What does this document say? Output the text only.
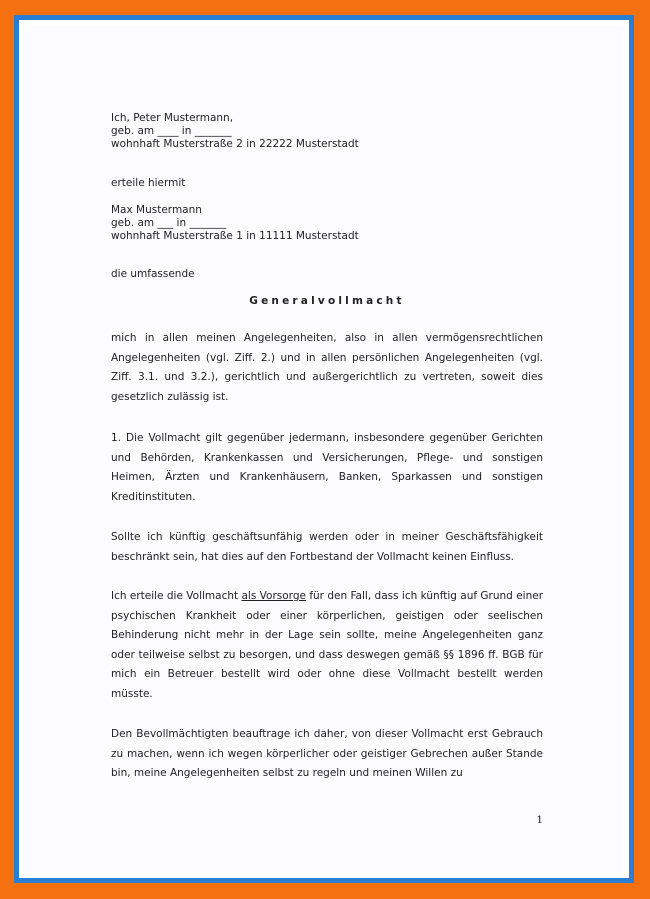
Ich, Peter Mustermann,
geb. am ____ in _______
wohnhaft Musterstraße 2 in 22222 Musterstadt
erteile hiermit
Max Mustermann
geb. am ___ in _______
wohnhaft Musterstraße 1 in 11111 Musterstadt
die umfassende
Generalvollmacht

mich in allen meinen Angelegenheiten, also in allen vermögensrechtlichen Angelegenheiten (vgl. Ziff. 2.) und in allen persönlichen Angelegenheiten (vgl. Ziff. 3.1. und 3.2.), gerichtlich und außergerichtlich zu vertreten, soweit dies gesetzlich zulässig ist.

1. Die Vollmacht gilt gegenüber jedermann, insbesondere gegenüber Gerichten und Behörden, Krankenkassen und Versicherungen, Pflege- und sonstigen Heimen, Ärzten und Krankenhäusern, Banken, Sparkassen und sonstigen Kreditinstituten.

Sollte ich künftig geschäftsunfähig werden oder in meiner Geschäftsfähigkeit beschränkt sein, hat dies auf den Fortbestand der Vollmacht keinen Einfluss.

Ich erteile die Vollmacht als Vorsorge für den Fall, dass ich künftig auf Grund einer psychischen Krankheit oder einer körperlichen, geistigen oder seelischen Behinderung nicht mehr in der Lage sein sollte, meine Angelegenheiten ganz oder teilweise selbst zu besorgen, und dass deswegen gemäß §§ 1896 ff. BGB für mich ein Betreuer bestellt wird oder ohne diese Vollmacht bestellt werden müsste.

Den Bevollmächtigten beauftrage ich daher, von dieser Vollmacht erst Gebrauch zu machen, wenn ich wegen körperlicher oder geistiger Gebrechen außer Stande bin, meine Angelegenheiten selbst zu regeln und meinen Willen zu

1
